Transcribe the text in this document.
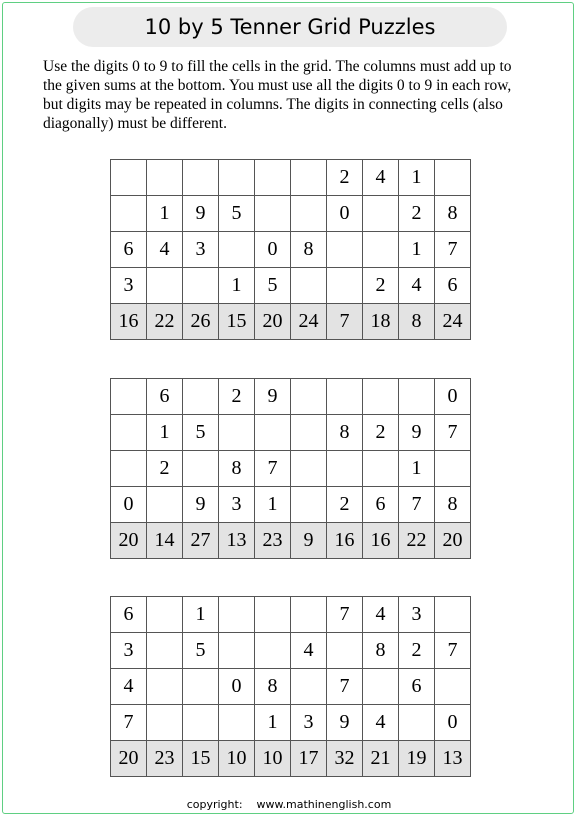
10 by 5 Tenner Grid Puzzles
Use the digits 0 to 9 to fill the cells in the grid. The columns must add up to
the given sums at the bottom. You must use all the digits 0 to 9 in each row,
but digits may be repeated in columns. The digits in connecting cells (also
diagonally) must be different.
						2	4	1	
	1	9	5			0		2	8
6	4	3		0	8			1	7
3			1	5			2	4	6
16	22	26	15	20	24	7	18	8	24
	6		2	9					0
	1	5				8	2	9	7
	2		8	7				1	
0		9	3	1		2	6	7	8
20	14	27	13	23	9	16	16	22	20
6		1				7	4	3	
3		5			4		8	2	7
4			0	8		7		6	
7				1	3	9	4		0
20	23	15	10	10	17	32	21	19	13
copyright:    www.mathinenglish.com
